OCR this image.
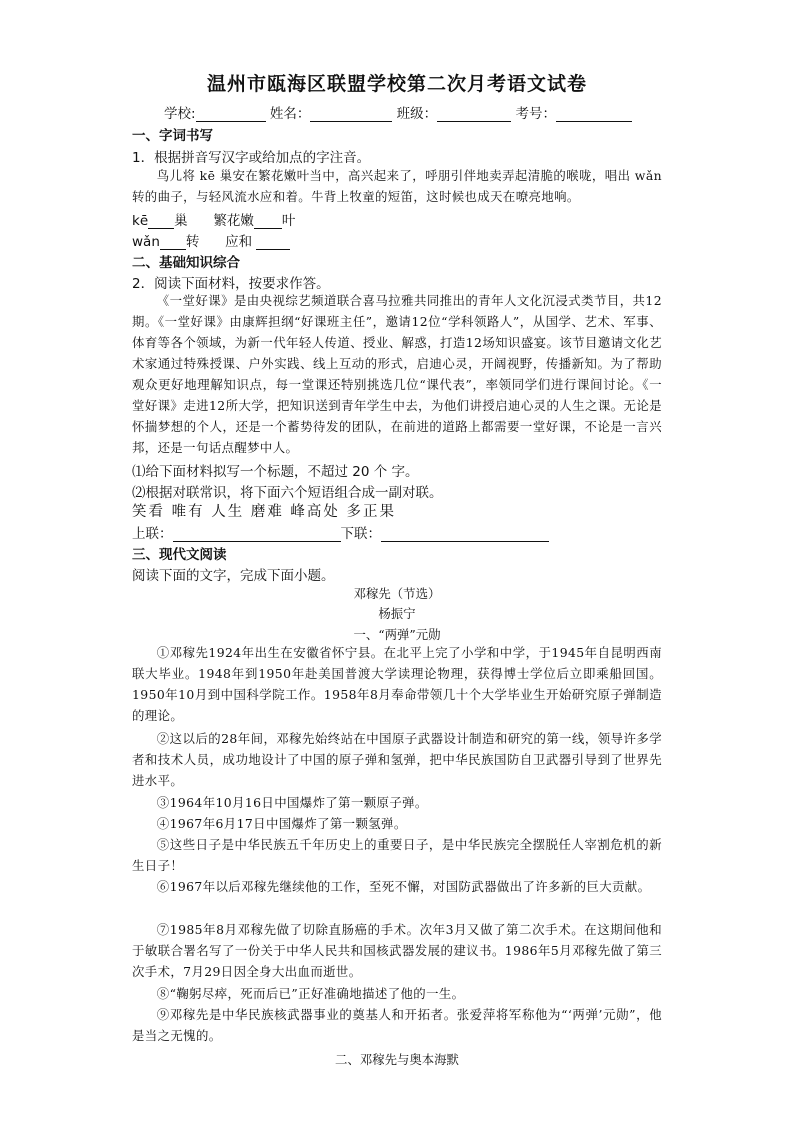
温州市瓯海区联盟学校第二次月考语文试卷
学校:	姓名：	班级：	考号：
一、字词书写
1．根据拼音写汉字或给加点的字注音。
鸟儿将 kē 巢安在繁花嫩叶当中，高兴起来了，呼朋引伴地卖弄起清脆的喉咙，唱出 wǎn 转的曲子，与轻风流水应和着。牛背上牧童的短笛，这时候也成天在嘹亮地响。
kē 巢 繁花嫩 叶
wǎn 转 应和
二、基础知识综合
2．阅读下面材料，按要求作答。
《一堂好课》是由央视综艺频道联合喜马拉雅共同推出的青年人文化沉浸式类节目，共12期。《一堂好课》由康辉担纲“好课班主任”，邀请12位“学科领路人”，从国学、艺术、军事、体育等各个领域，为新一代年轻人传道、授业、解惑，打造12场知识盛宴。该节目邀请文化艺术家通过特殊授课、户外实践、线上互动的形式，启迪心灵，开阔视野，传播新知。为了帮助观众更好地理解知识点，每一堂课还特别挑选几位“课代表”，率领同学们进行课间讨论。《一堂好课》走进12所大学，把知识送到青年学生中去，为他们讲授启迪心灵的人生之课。无论是怀揣梦想的个人，还是一个蓄势待发的团队，在前进的道路上都需要一堂好课，不论是一言兴邦，还是一句话点醒梦中人。
⑴给下面材料拟写一个标题，不超过 20 个 字。
⑵根据对联常识，将下面六个短语组合成一副对联。
笑看 唯有 人生 磨难 峰高处 多正果
上联：	下联：
三、现代文阅读
阅读下面的文字，完成下面小题。
邓稼先（节选）
杨振宁
一、“两弹”元勋
①邓稼先1924年出生在安徽省怀宁县。在北平上完了小学和中学，于1945年自昆明西南联大毕业。1948年到1950年赴美国普渡大学读理论物理，获得博士学位后立即乘船回国。1950年10月到中国科学院工作。1958年8月奉命带领几十个大学毕业生开始研究原子弹制造的理论。
②这以后的28年间，邓稼先始终站在中国原子武器设计制造和研究的第一线，领导许多学者和技术人员，成功地设计了中国的原子弹和氢弹，把中华民族国防自卫武器引导到了世界先进水平。
③1964年10月16日中国爆炸了第一颗原子弹。
④1967年6月17日中国爆炸了第一颗氢弹。
⑤这些日子是中华民族五千年历史上的重要日子，是中华民族完全摆脱任人宰割危机的新生日子！
⑥1967年以后邓稼先继续他的工作，至死不懈，对国防武器做出了许多新的巨大贡献。
⑦1985年8月邓稼先做了切除直肠癌的手术。次年3月又做了第二次手术。在这期间他和于敏联合署名写了一份关于中华人民共和国核武器发展的建议书。1986年5月邓稼先做了第三次手术，7月29日因全身大出血而逝世。
⑧“鞠躬尽瘁，死而后已”正好准确地描述了他的一生。
⑨邓稼先是中华民族核武器事业的奠基人和开拓者。张爱萍将军称他为“‘两弹’元勋”，他是当之无愧的。
二、邓稼先与奥本海默
